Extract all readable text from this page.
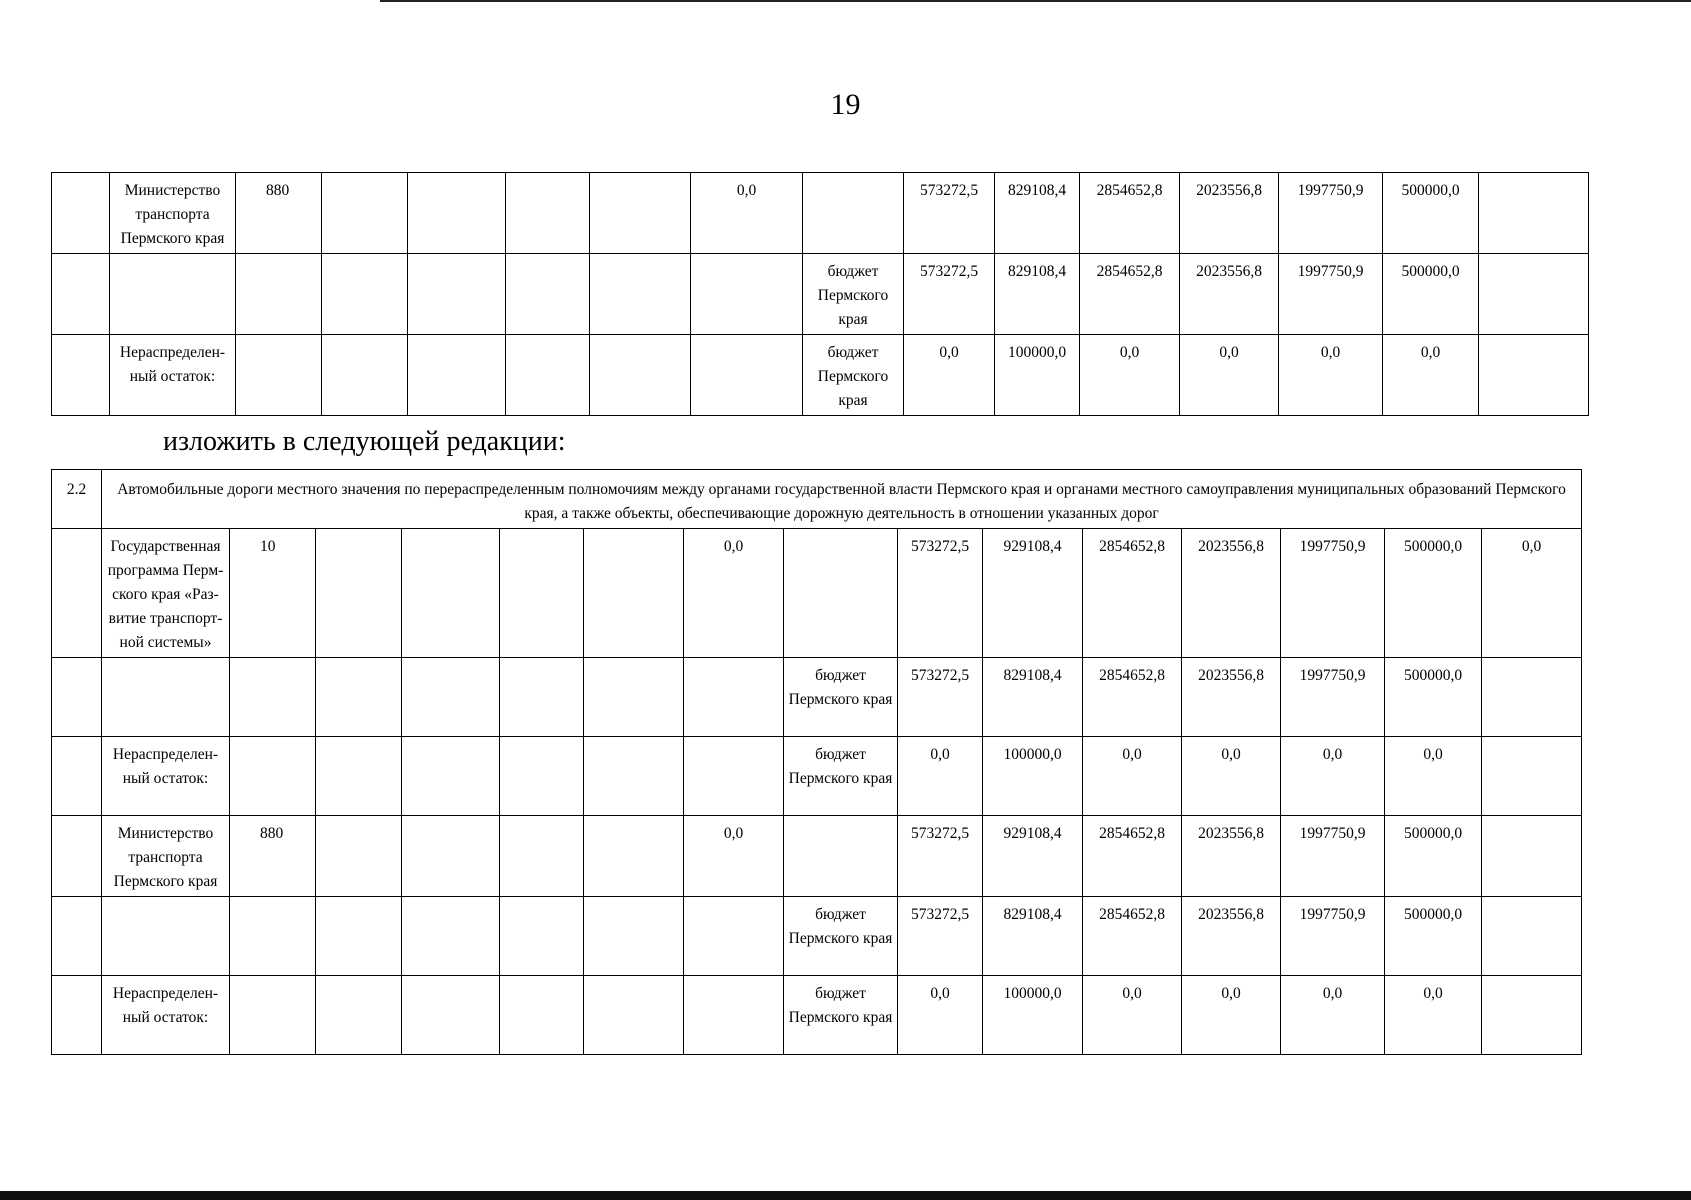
19
	Министерство транспорта Пермского края	880					0,0		573272,5	829108,4	2854652,8	2023556,8	1997750,9	500000,0	
								бюджет Пермского края	573272,5	829108,4	2854652,8	2023556,8	1997750,9	500000,0	
	Нераспределен-ный остаток:							бюджет Пермского края	0,0	100000,0	0,0	0,0	0,0	0,0	
изложить в следующей редакции:
2.2	Автомобильные дороги местного значения по перераспределенным полномочиям между органами государственной власти Пермского края и органами местного самоуправления муниципальных образований Пермского края, а также объекты, обеспечивающие дорожную деятельность в отношении указанных дорог														
	Государственная программа Перм-ского края «Раз-витие транспорт-ной системы»	10					0,0		573272,5	929108,4	2854652,8	2023556,8	1997750,9	500000,0	0,0
								бюджет Пермского края	573272,5	829108,4	2854652,8	2023556,8	1997750,9	500000,0	
	Нераспределен-ный остаток:							бюджет Пермского края	0,0	100000,0	0,0	0,0	0,0	0,0	
	Министерство транспорта Пермского края	880					0,0		573272,5	929108,4	2854652,8	2023556,8	1997750,9	500000,0	
								бюджет Пермского края	573272,5	829108,4	2854652,8	2023556,8	1997750,9	500000,0	
	Нераспределен-ный остаток:							бюджет Пермского края	0,0	100000,0	0,0	0,0	0,0	0,0	
